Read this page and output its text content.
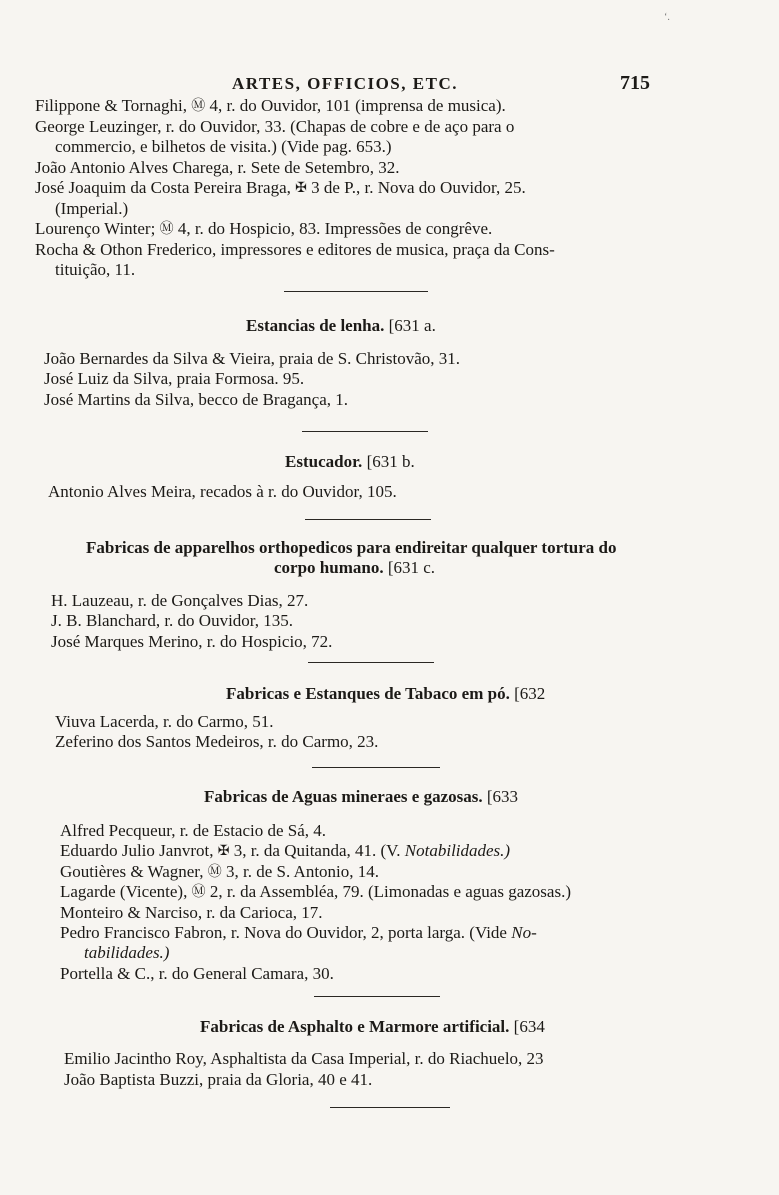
ʻ.
ARTES, OFFICIOS, ETC.	715
Filippone & Tornaghi, Ⓜ 4, r. do Ouvidor, 101 (imprensa de musica).
George Leuzinger, r. do Ouvidor, 33. (Chapas de cobre e de aço para o
commercio, e bilhetos de visita.) (Vide pag. 653.)
João Antonio Alves Charega, r. Sete de Setembro, 32.
José Joaquim da Costa Pereira Braga, ✠ 3 de P., r. Nova do Ouvidor, 25.
(Imperial.)
Lourenço Winter; Ⓜ 4, r. do Hospicio, 83. Impressões de congrêve.
Rocha & Othon Frederico, impressores e editores de musica, praça da Cons-
tituição, 11.
Estancias de lenha. [631 a.
João Bernardes da Silva & Vieira, praia de S. Christovão, 31.
José Luiz da Silva, praia Formosa. 95.
José Martins da Silva, becco de Bragança, 1.
Estucador. [631 b.
Antonio Alves Meira, recados à r. do Ouvidor, 105.
Fabricas de apparelhos orthopedicos para endireitar qualquer tortura do
corpo humano. [631 c.
H. Lauzeau, r. de Gonçalves Dias, 27.
J. B. Blanchard, r. do Ouvidor, 135.
José Marques Merino, r. do Hospicio, 72.
Fabricas e Estanques de Tabaco em pó. [632
Viuva Lacerda, r. do Carmo, 51.
Zeferino dos Santos Medeiros, r. do Carmo, 23.
Fabricas de Aguas mineraes e gazosas. [633
Alfred Pecqueur, r. de Estacio de Sá, 4.
Eduardo Julio Janvrot, ✠ 3, r. da Quitanda, 41. (V. Notabilidades.)
Goutières & Wagner, Ⓜ 3, r. de S. Antonio, 14.
Lagarde (Vicente), Ⓜ 2, r. da Assembléa, 79. (Limonadas e aguas gazosas.)
Monteiro & Narciso, r. da Carioca, 17.
Pedro Francisco Fabron, r. Nova do Ouvidor, 2, porta larga. (Vide No-
tabilidades.)
Portella & C., r. do General Camara, 30.
Fabricas de Asphalto e Marmore artificial. [634
Emilio Jacintho Roy, Asphaltista da Casa Imperial, r. do Riachuelo, 23
João Baptista Buzzi, praia da Gloria, 40 e 41.
